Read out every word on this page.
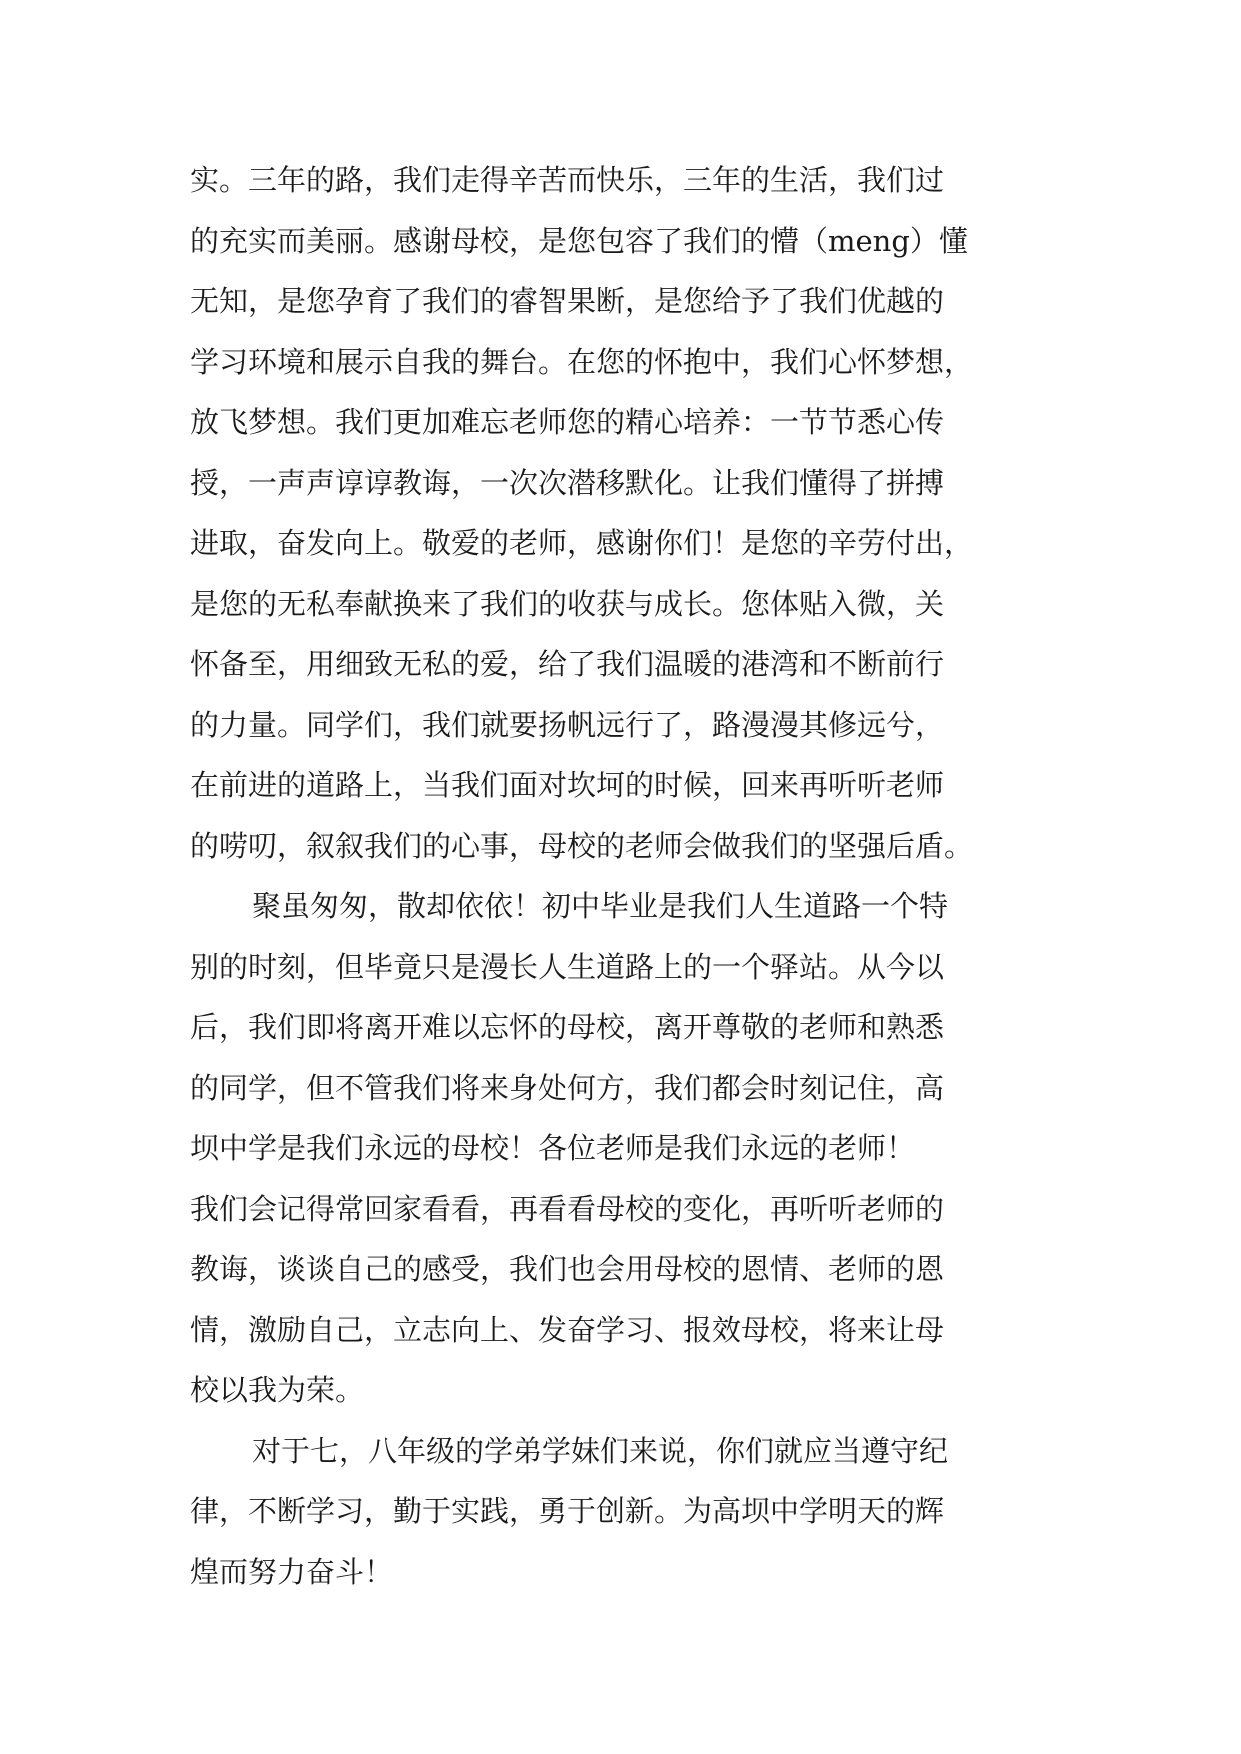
实。三年的路，我们走得辛苦而快乐，三年的生活，我们过
的充实而美丽。感谢母校，是您包容了我们的懵（meng）懂
无知，是您孕育了我们的睿智果断，是您给予了我们优越的
学习环境和展示自我的舞台。在您的怀抱中，我们心怀梦想，
放飞梦想。我们更加难忘老师您的精心培养：一节节悉心传
授，一声声谆谆教诲，一次次潜移默化。让我们懂得了拼搏
进取，奋发向上。敬爱的老师，感谢你们！是您的辛劳付出，
是您的无私奉献换来了我们的收获与成长。您体贴入微，关
怀备至，用细致无私的爱，给了我们温暖的港湾和不断前行
的力量。同学们，我们就要扬帆远行了，路漫漫其修远兮，
在前进的道路上，当我们面对坎坷的时候，回来再听听老师
的唠叨，叙叙我们的心事，母校的老师会做我们的坚强后盾。
聚虽匆匆，散却依依！初中毕业是我们人生道路一个特
别的时刻，但毕竟只是漫长人生道路上的一个驿站。从今以
后，我们即将离开难以忘怀的母校，离开尊敬的老师和熟悉
的同学，但不管我们将来身处何方，我们都会时刻记住，高
坝中学是我们永远的母校！各位老师是我们永远的老师！
我们会记得常回家看看，再看看母校的变化，再听听老师的
教诲，谈谈自己的感受，我们也会用母校的恩情、老师的恩
情，激励自己，立志向上、发奋学习、报效母校，将来让母
校以我为荣。
对于七，八年级的学弟学妹们来说，你们就应当遵守纪
律，不断学习，勤于实践，勇于创新。为高坝中学明天的辉
煌而努力奋斗！
